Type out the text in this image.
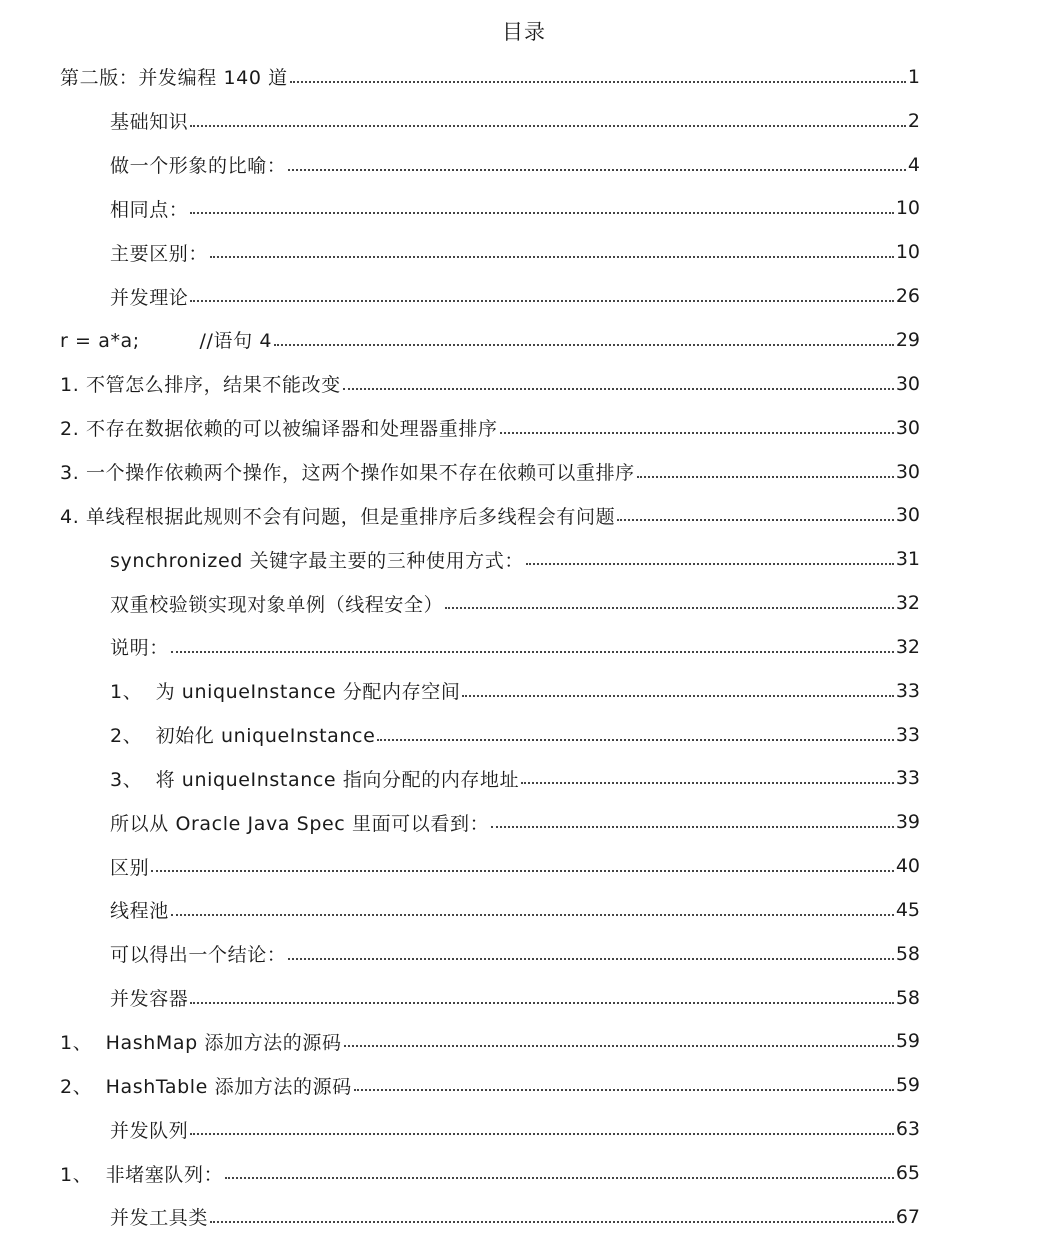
目录
第二版：并发编程 140 道	1
基础知识	2
做一个形象的比喻：	4
相同点：	10
主要区别：	10
并发理论	26
r = a*a;         //语句 4	29
1. 不管怎么排序，结果不能改变	30
2. 不存在数据依赖的可以被编译器和处理器重排序	30
3. 一个操作依赖两个操作，这两个操作如果不存在依赖可以重排序	30
4. 单线程根据此规则不会有问题，但是重排序后多线程会有问题	30
synchronized 关键字最主要的三种使用方式：	31
双重校验锁实现对象单例（线程安全）	32
说明：	32
1、  为 uniqueInstance 分配内存空间	33
2、  初始化 uniqueInstance	33
3、  将 uniqueInstance 指向分配的内存地址	33
所以从 Oracle Java Spec 里面可以看到：	39
区别	40
线程池	45
可以得出一个结论：	58
并发容器	58
1、  HashMap 添加方法的源码	59
2、  HashTable 添加方法的源码	59
并发队列	63
1、  非堵塞队列：	65
并发工具类	67
